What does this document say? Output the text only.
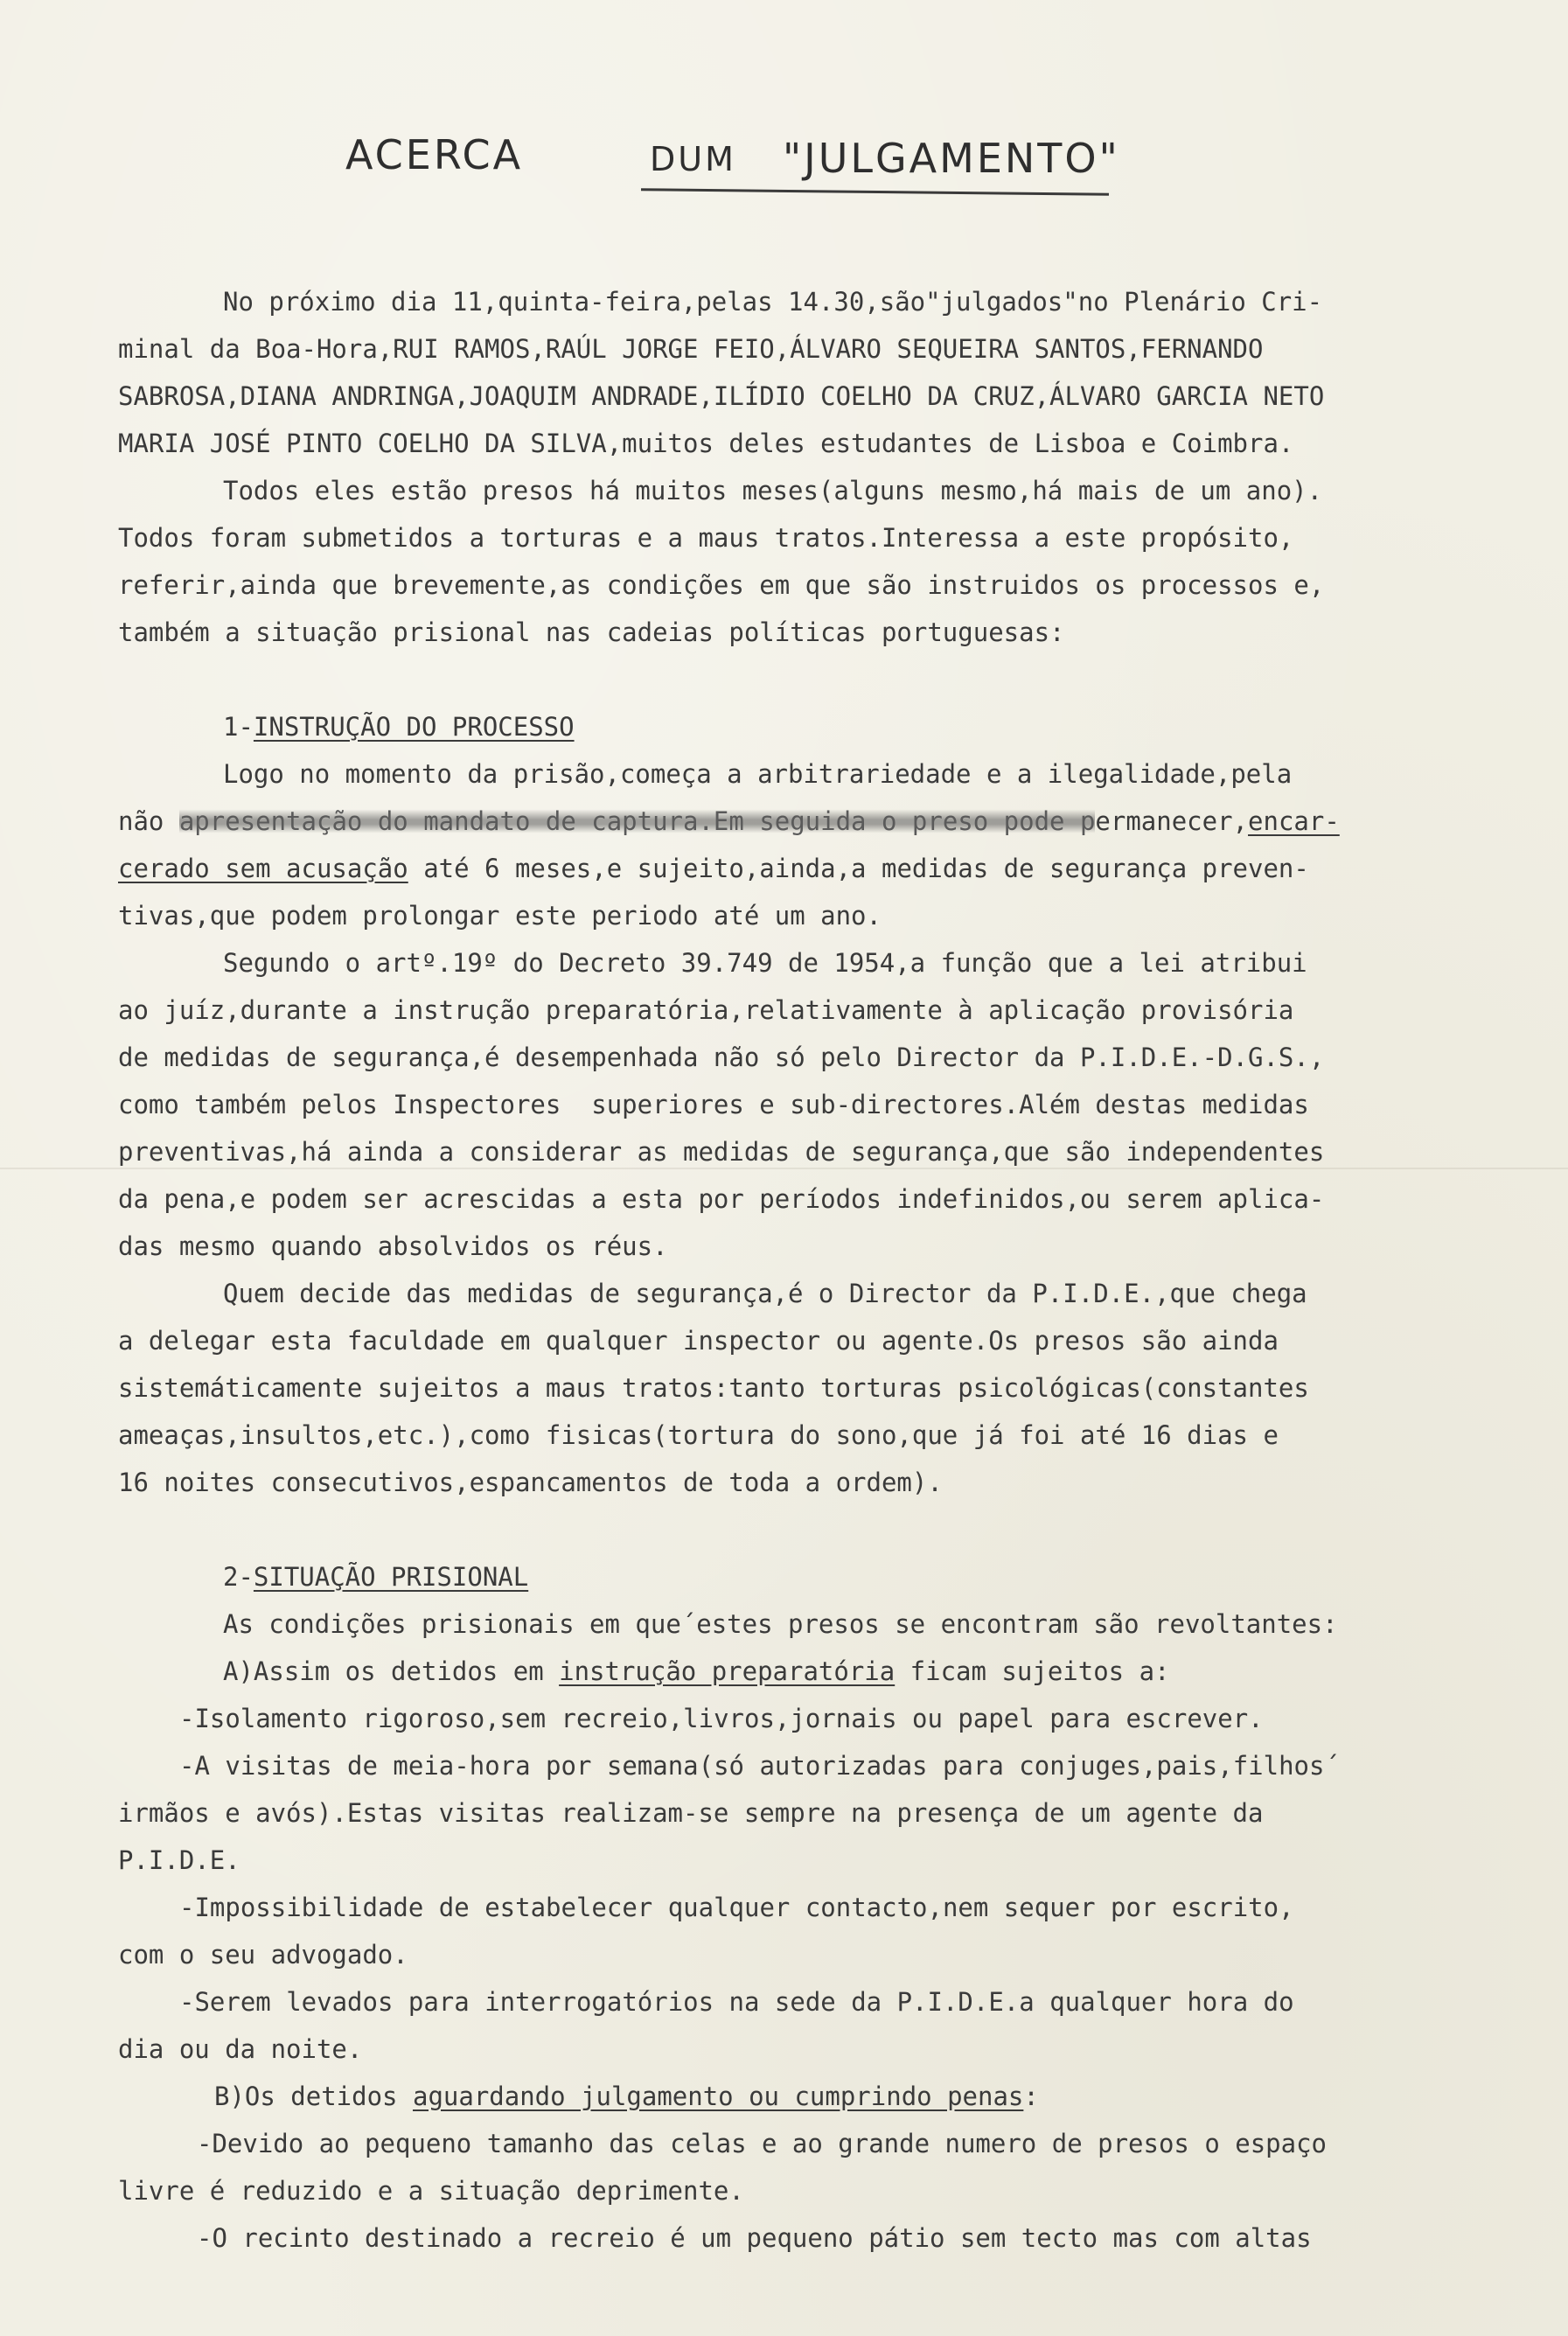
ACERCA	DUM "JULGAMENTO"
No próximo dia 11,quinta-feira,pelas 14.30,são"julgados"no Plenário Cri-
minal da Boa-Hora,RUI RAMOS,RAÚL JORGE FEIO,ÁLVARO SEQUEIRA SANTOS,FERNANDO
SABROSA,DIANA ANDRINGA,JOAQUIM ANDRADE,ILÍDIO COELHO DA CRUZ,ÁLVARO GARCIA NETO
MARIA JOSÉ PINTO COELHO DA SILVA,muitos deles estudantes de Lisboa e Coimbra.
Todos eles estão presos há muitos meses(alguns mesmo,há mais de um ano).
Todos foram submetidos a torturas e a maus tratos.Interessa a este propósito,
referir,ainda que brevemente,as condições em que são instruidos os processos e,
também a situação prisional nas cadeias políticas portuguesas:
1-INSTRUÇÃO DO PROCESSO
Logo no momento da prisão,começa a arbitrariedade e a ilegalidade,pela
não apresentação do mandato de captura.Em seguida o preso pode permanecer,encar-
cerado sem acusação até 6 meses,e sujeito,ainda,a medidas de segurança preven-
tivas,que podem prolongar este periodo até um ano.
Segundo o artº.19º do Decreto 39.749 de 1954,a função que a lei atribui
ao juíz,durante a instrução preparatória,relativamente à aplicação provisória
de medidas de segurança,é desempenhada não só pelo Director da P.I.D.E.-D.G.S.,
como também pelos Inspectores  superiores e sub-directores.Além destas medidas
preventivas,há ainda a considerar as medidas de segurança,que são independentes
da pena,e podem ser acrescidas a esta por períodos indefinidos,ou serem aplica-
das mesmo quando absolvidos os réus.
Quem decide das medidas de segurança,é o Director da P.I.D.E.,que chega
a delegar esta faculdade em qualquer inspector ou agente.Os presos são ainda
sistemáticamente sujeitos a maus tratos:tanto torturas psicológicas(constantes
ameaças,insultos,etc.),como fisicas(tortura do sono,que já foi até 16 dias e
16 noites consecutivos,espancamentos de toda a ordem).
2-SITUAÇÃO PRISIONAL
As condições prisionais em que´estes presos se encontram são revoltantes:
A)Assim os detidos em instrução preparatória ficam sujeitos a:
-Isolamento rigoroso,sem recreio,livros,jornais ou papel para escrever.
-A visitas de meia-hora por semana(só autorizadas para conjuges,pais,filhos´
irmãos e avós).Estas visitas realizam-se sempre na presença de um agente da
P.I.D.E.
-Impossibilidade de estabelecer qualquer contacto,nem sequer por escrito,
com o seu advogado.
-Serem levados para interrogatórios na sede da P.I.D.E.a qualquer hora do
dia ou da noite.
B)Os detidos aguardando julgamento ou cumprindo penas:
-Devido ao pequeno tamanho das celas e ao grande numero de presos o espaço
livre é reduzido e a situação deprimente.
-O recinto destinado a recreio é um pequeno pátio sem tecto mas com altas
